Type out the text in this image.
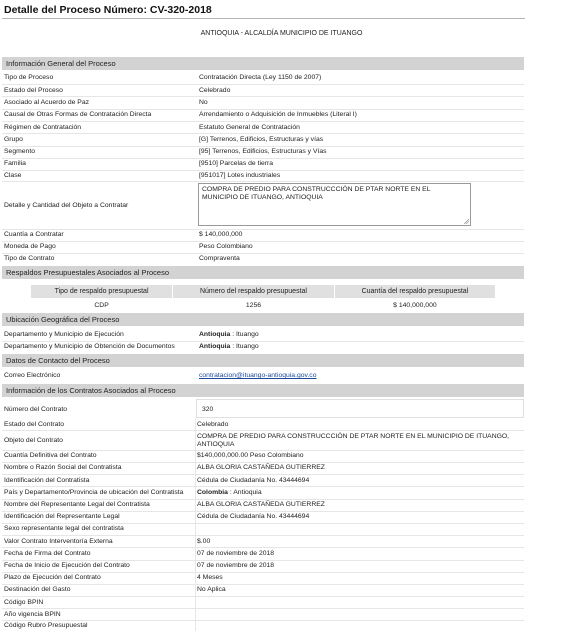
Detalle del Proceso Número: CV-320-2018
ANTIOQUIA - ALCALDÍA MUNICIPIO DE ITUANGO
Información General del Proceso
Tipo de Proceso	Contratación Directa (Ley 1150 de 2007)
Estado del Proceso	Celebrado
Asociado al Acuerdo de Paz	No
Causal de Otras Formas de Contratación Directa	Arrendamiento o Adquisición de Inmuebles (Literal I)
Régimen de Contratación	Estatuto General de Contratación
Grupo	[G] Terrenos, Edificios, Estructuras y vías
Segmento	[95] Terrenos, Edificios, Estructuras y Vías
Familia	[9510] Parcelas de tierra
Clase	[951017] Lotes industriales
Detalle y Cantidad del Objeto a Contratar
COMPRA DE PREDIO PARA CONSTRUCCCIÓN DE PTAR NORTE EN EL MUNICIPIO DE ITUANGO, ANTIOQUIA
Cuantía a Contratar	$ 140,000,000
Moneda de Pago	Peso Colombiano
Tipo de Contrato	Compraventa
Respaldos Presupuestales Asociados al Proceso
Tipo de respaldo presupuestal	Número del respaldo presupuestal	Cuantía del respaldo presupuestal
CDP	1256	$ 140,000,000
Ubicación Geográfica del Proceso
Departamento y Municipio de Ejecución	Antioquia : Ituango
Departamento y Municipio de Obtención de Documentos	Antioquia : Ituango
Datos de Contacto del Proceso
Correo Electrónico	contratacion@ituango-antioquia.gov.co
Información de los Contratos Asociados al Proceso
Número del Contrato	320
Estado del Contrato	Celebrado
Objeto del Contrato
COMPRA DE PREDIO PARA CONSTRUCCCIÓN DE PTAR NORTE EN EL MUNICIPIO DE ITUANGO,
ANTIOQUIA
Cuantía Definitiva del Contrato	$140,000,000.00 Peso Colombiano
Nombre o Razón Social del Contratista	ALBA GLORIA CASTAÑEDA GUTIERREZ
Identificación del Contratista	Cédula de Ciudadanía No. 43444694
País y Departamento/Provincia de ubicación del Contratista Colombia : Antioquia
Nombre del Representante Legal del Contratista	ALBA GLORIA CASTAÑEDA GUTIERREZ
Identificación del Representante Legal	Cédula de Ciudadanía No. 43444694
Sexo representante legal del contratista
Valor Contrato Interventoría Externa	$.00
Fecha de Firma del Contrato	07 de noviembre de 2018
Fecha de Inicio de Ejecución del Contrato	07 de noviembre de 2018
Plazo de Ejecución del Contrato	4 Meses
Destinación del Gasto	No Aplica
Código BPIN
Año vigencia BPIN
Código Rubro Presupuestal
